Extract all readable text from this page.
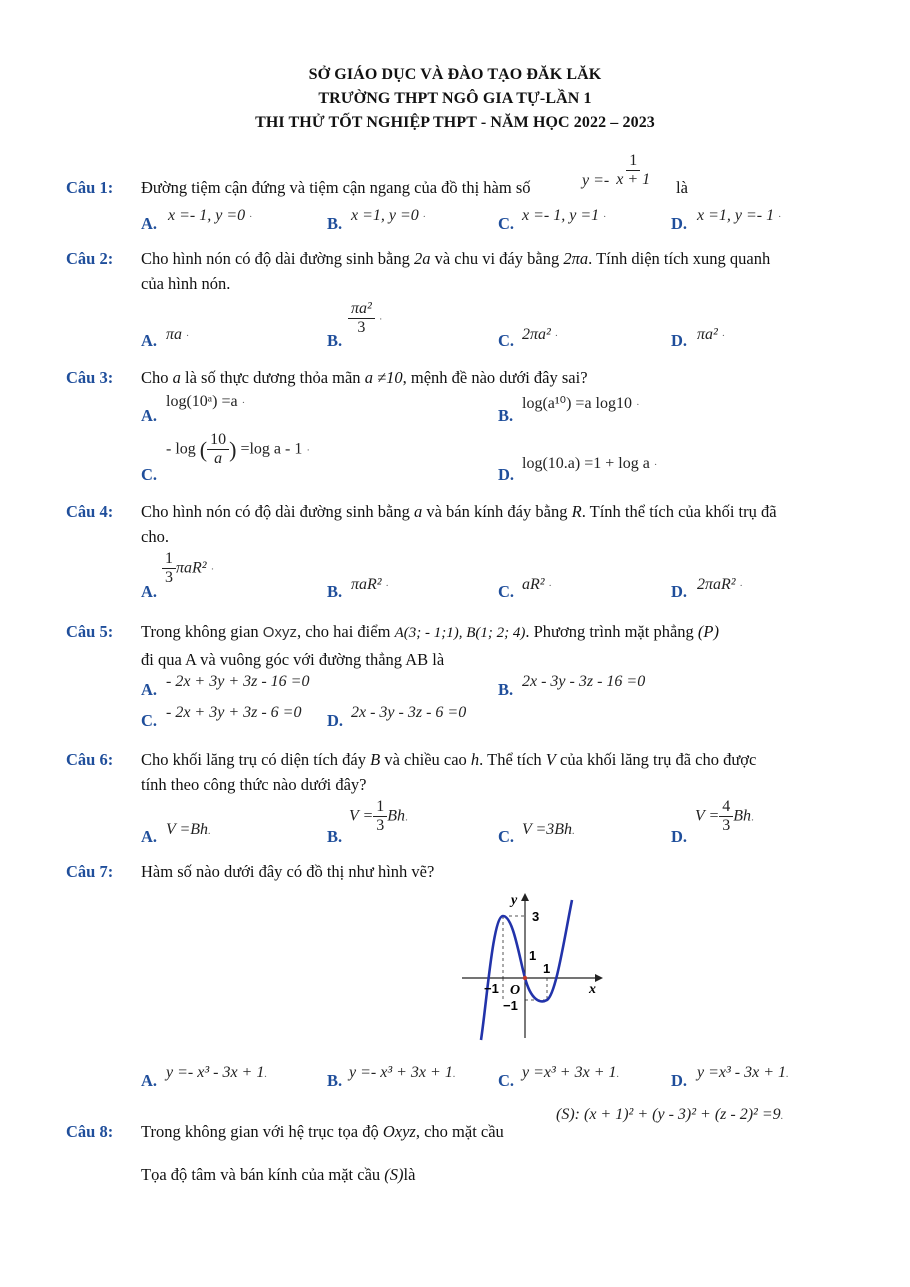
SỞ GIÁO DỤC VÀ ĐÀO TẠO ĐĂK LĂK
TRƯỜNG THPT NGÔ GIA TỰ-LẦN 1
THI THỬ TỐT NGHIỆP THPT - NĂM HỌC 2022 – 2023
Câu 1: Đường tiệm cận đứng và tiệm cận ngang của đồ thị hàm số	$y =- \frac{1}{x + 1}$ là
A. x =- 1, y =0 ·	B. x =1, y =0 ·	C. x =- 1, y =1 ·	D. x =1, y =- 1 ·
Câu 2: Cho hình nón có độ dài đường sinh bằng 2a và chu vi đáy bằng 2πa. Tính diện tích xung quanh
của hình nón.
A. πa ·	B.
$\frac{\text{πa²}}{3}$ ·
C. 2πa² ·	D. πa² ·
Câu 3: Cho a là số thực dương thỏa mãn a ≠10, mệnh đề nào dưới đây sai?
A.
log(10ᵃ) =a ·
B.
log(a¹⁰) =a log10 ·
C.
- log ( $\frac{10}{a}$ ) =log a - 1 ·
D.
log(10.a) =1 + log a ·
Câu 4: Cho hình nón có độ dài đường sinh bằng a và bán kính đáy bằng R. Tính thể tích của khối trụ đã
cho.
A.
$\frac{1}{3} \pi aR^2$ ·
B. πaR² ·	C. aR² ·	D. 2πaR² ·
Câu 5: Trong không gian Oxyz, cho hai điểm A(3; - 1;1), B(1; 2; 4). Phương trình mặt phẳng (P)
đi qua A và vuông góc với đường thẳng AB là
A. - 2x + 3y + 3z - 16 =0	B. 2x - 3y - 3z - 16 =0
C. - 2x + 3y + 3z - 6 =0 D. 2x - 3y - 3z - 6 =0
Câu 6: Cho khối lăng trụ có diện tích đáy B và chiều cao h. Thể tích V của khối lăng trụ đã cho được
tính theo công thức nào dưới đây?
A. V =Bh.	B.
$V = \frac{1}{3} Bh$.
C. V =3Bh.	D.
$V = \frac{4}{3} Bh$.
Câu 7: Hàm số nào dưới đây có đồ thị như hình vẽ?
y
x
3
1
1
−1 O
−1
A. y =- x³ - 3x + 1.	B. y =- x³ + 3x + 1.	C. y =x³ + 3x + 1.	D. y =x³ - 3x + 1.
Câu 8: Trong không gian với hệ trục tọa độ Oxyz, cho mặt cầu
(S): (x + 1)² + (y - 3)² + (z - 2)² =9.
Tọa độ tâm và bán kính của mặt cầu (S)là
